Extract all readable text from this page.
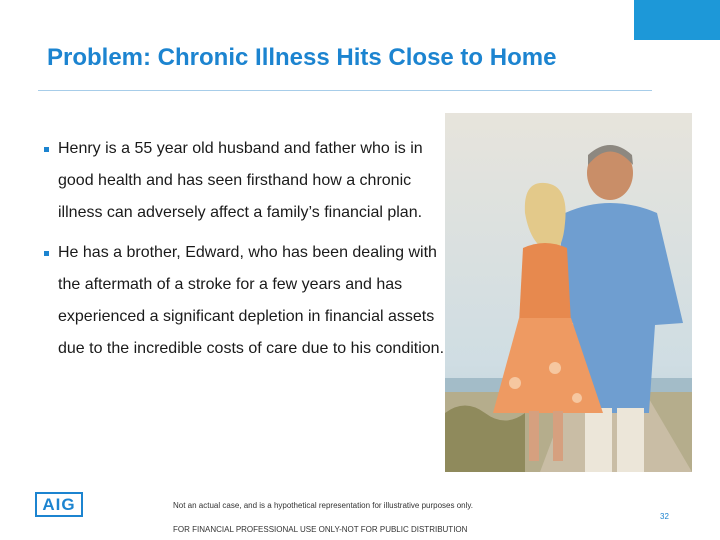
Problem: Chronic Illness Hits Close to Home
Henry is a 55 year old husband and father who is in good health and has seen firsthand how a chronic illness can adversely affect a family’s financial plan.
He has a brother, Edward, who has been dealing with the aftermath of a stroke for a few years and has experienced a significant depletion in financial assets due to the incredible costs of care due to his condition.
AIG	Not an actual case, and is a hypothetical representation for illustrative purposes only.
FOR FINANCIAL PROFESSIONAL USE ONLY-NOT FOR PUBLIC DISTRIBUTION
32
